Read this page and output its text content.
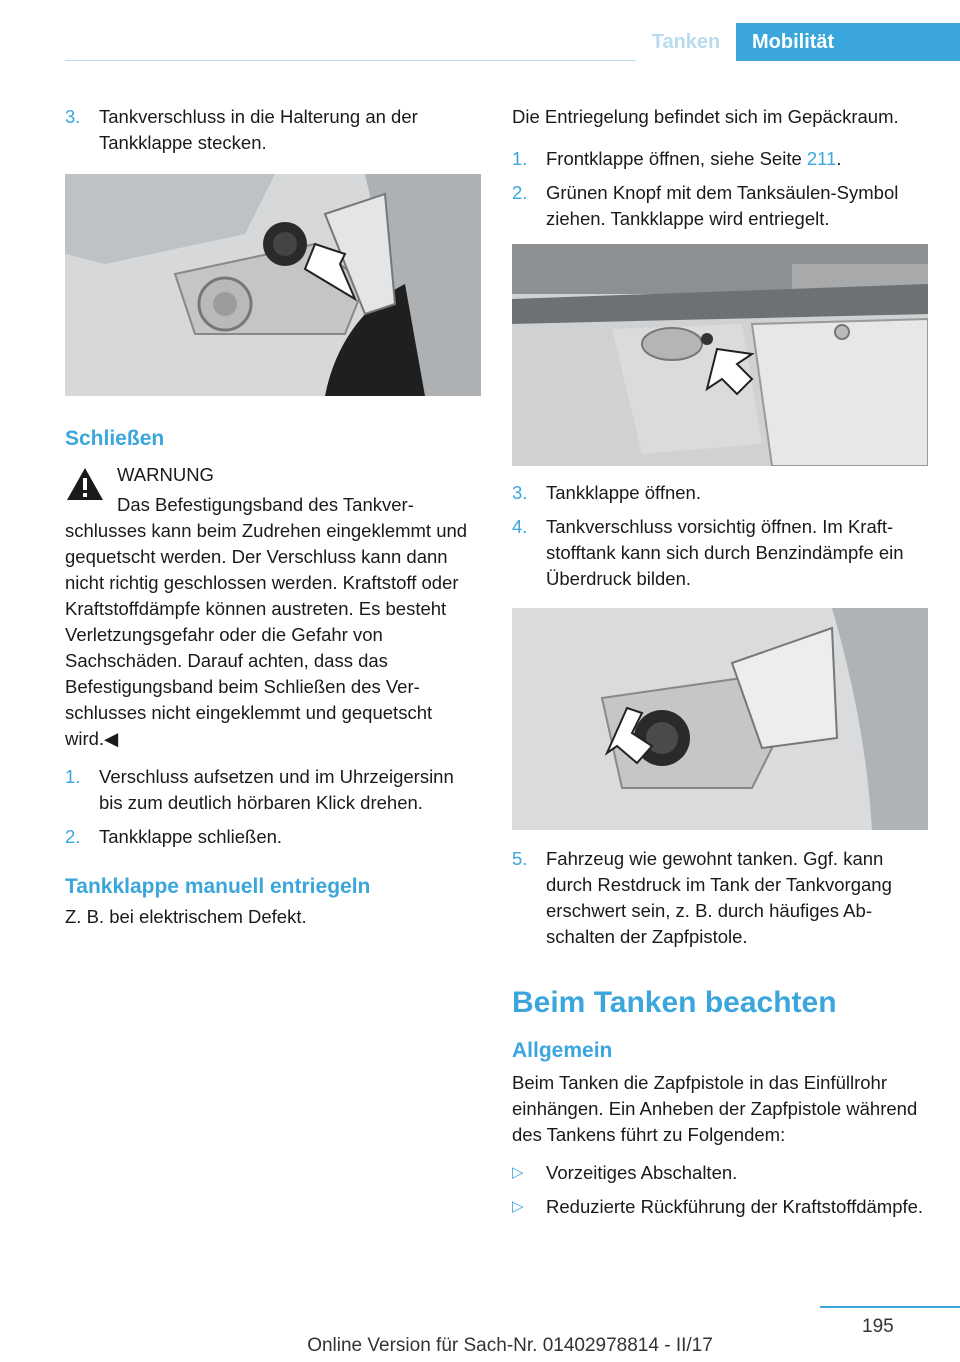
Tanken	Mobilität
3.	Tankverschluss in die Halterung an der Tankklappe stecken.
Schließen
WARNUNG

Das Befestigungsband des Tankverschlusses kann beim Zudrehen eingeklemmt und gequetscht werden. Der Verschluss kann dann nicht richtig geschlossen werden. Kraftstoff oder Kraftstoffdämpfe können austreten. Es besteht Verletzungsgefahr oder die Gefahr von Sachschäden. Darauf achten, dass das Befestigungsband beim Schließen des Verschlusses nicht eingeklemmt und gequetscht wird.◀

1.	Verschluss aufsetzen und im Uhrzeigersinn bis zum deutlich hörbaren Klick drehen.
2.	Tankklappe schließen.
Tankklappe manuell entriegeln

Z. B. bei elektrischem Defekt.

Die Entriegelung befindet sich im Gepäckraum.

1.	Frontklappe öffnen, siehe Seite 211.
2.	Grünen Knopf mit dem Tanksäulen-Symbol ziehen. Tankklappe wird entriegelt.
3.	Tankklappe öffnen.
4.	Tankverschluss vorsichtig öffnen. Im Kraftstofftank kann sich durch Benzindämpfe ein Überdruck bilden.
5.	Fahrzeug wie gewohnt tanken. Ggf. kann durch Restdruck im Tank der Tankvorgang erschwert sein, z. B. durch häufiges Abschalten der Zapfpistole.
Beim Tanken beachten
Allgemein

Beim Tanken die Zapfpistole in das Einfüllrohr einhängen. Ein Anheben der Zapfpistole während des Tankens führt zu Folgendem:

▷	Vorzeitiges Abschalten.
▷	Reduzierte Rückführung der Kraftstoffdämpfe.
195
Online Version für Sach-Nr. 01402978814 - II/17
